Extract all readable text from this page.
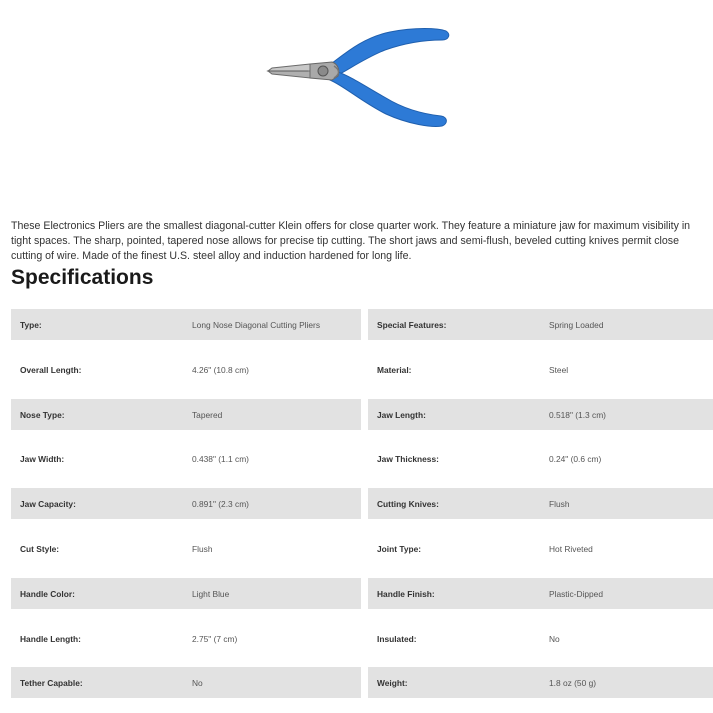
These Electronics Pliers are the smallest diagonal-cutter Klein offers for close quarter work. They feature a miniature jaw for maximum visibility in tight spaces. The sharp, pointed, tapered nose allows for precise tip cutting. The short jaws and semi-flush, beveled cutting knives permit close cutting of wire. Made of the finest U.S. steel alloy and induction hardened for long life.

Specifications
Type:	Long Nose Diagonal Cutting Pliers	Special Features:	Spring Loaded
Overall Length:	4.26" (10.8 cm)	Material:	Steel
Nose Type:	Tapered	Jaw Length:	0.518" (1.3 cm)
Jaw Width:	0.438" (1.1 cm)	Jaw Thickness:	0.24" (0.6 cm)
Jaw Capacity:	0.891" (2.3 cm)	Cutting Knives:	Flush
Cut Style:	Flush	Joint Type:	Hot Riveted
Handle Color:	Light Blue	Handle Finish:	Plastic-Dipped
Handle Length:	2.75" (7 cm)	Insulated:	No
Tether Capable:	No	Weight:	1.8 oz (50 g)
